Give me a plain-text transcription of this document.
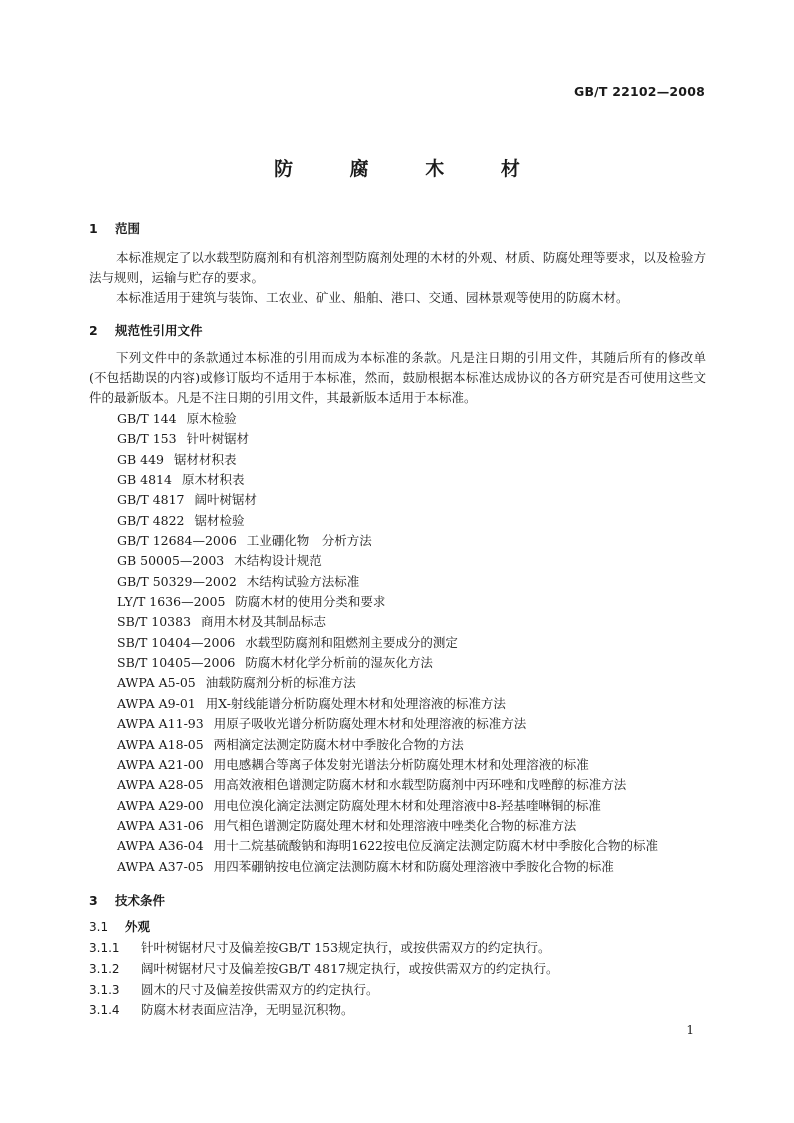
GB/T 22102—2008
防 腐 木 材
1 范围

本标准规定了以水载型防腐剂和有机溶剂型防腐剂处理的木材的外观、材质、防腐处理等要求，以及检验方法与规则，运输与贮存的要求。

本标准适用于建筑与装饰、工农业、矿业、船舶、港口、交通、园林景观等使用的防腐木材。

2 规范性引用文件

下列文件中的条款通过本标准的引用而成为本标准的条款。凡是注日期的引用文件，其随后所有的修改单(不包括勘误的内容)或修订版均不适用于本标准，然而，鼓励根据本标准达成协议的各方研究是否可使用这些文件的最新版本。凡是不注日期的引用文件，其最新版本适用于本标准。

GB/T 144 原木检验
GB/T 153 针叶树锯材
GB 449 锯材材积表
GB 4814 原木材积表
GB/T 4817 阔叶树锯材
GB/T 4822 锯材检验
GB/T 12684—2006 工业硼化物　分析方法
GB 50005—2003 木结构设计规范
GB/T 50329—2002 木结构试验方法标准
LY/T 1636—2005 防腐木材的使用分类和要求
SB/T 10383 商用木材及其制品标志
SB/T 10404—2006 水载型防腐剂和阻燃剂主要成分的测定
SB/T 10405—2006 防腐木材化学分析前的湿灰化方法
AWPA A5-05 油载防腐剂分析的标准方法
AWPA A9-01 用X-射线能谱分析防腐处理木材和处理溶液的标准方法
AWPA A11-93 用原子吸收光谱分析防腐处理木材和处理溶液的标准方法
AWPA A18-05 两相滴定法测定防腐木材中季胺化合物的方法
AWPA A21-00 用电感耦合等离子体发射光谱法分析防腐处理木材和处理溶液的标准
AWPA A28-05 用高效液相色谱测定防腐木材和水载型防腐剂中丙环唑和戊唑醇的标准方法
AWPA A29-00 用电位溴化滴定法测定防腐处理木材和处理溶液中8-羟基喹啉铜的标准
AWPA A31-06 用气相色谱测定防腐处理木材和处理溶液中唑类化合物的标准方法
AWPA A36-04 用十二烷基硫酸钠和海明1622按电位反滴定法测定防腐木材中季胺化合物的标准
AWPA A37-05 用四苯硼钠按电位滴定法测防腐木材和防腐处理溶液中季胺化合物的标准
3 技术条件
3.1 外观
3.1.1 针叶树锯材尺寸及偏差按GB/T 153规定执行，或按供需双方的约定执行。
3.1.2 阔叶树锯材尺寸及偏差按GB/T 4817规定执行，或按供需双方的约定执行。
3.1.3 圆木的尺寸及偏差按供需双方的约定执行。
3.1.4 防腐木材表面应洁净，无明显沉积物。
1
